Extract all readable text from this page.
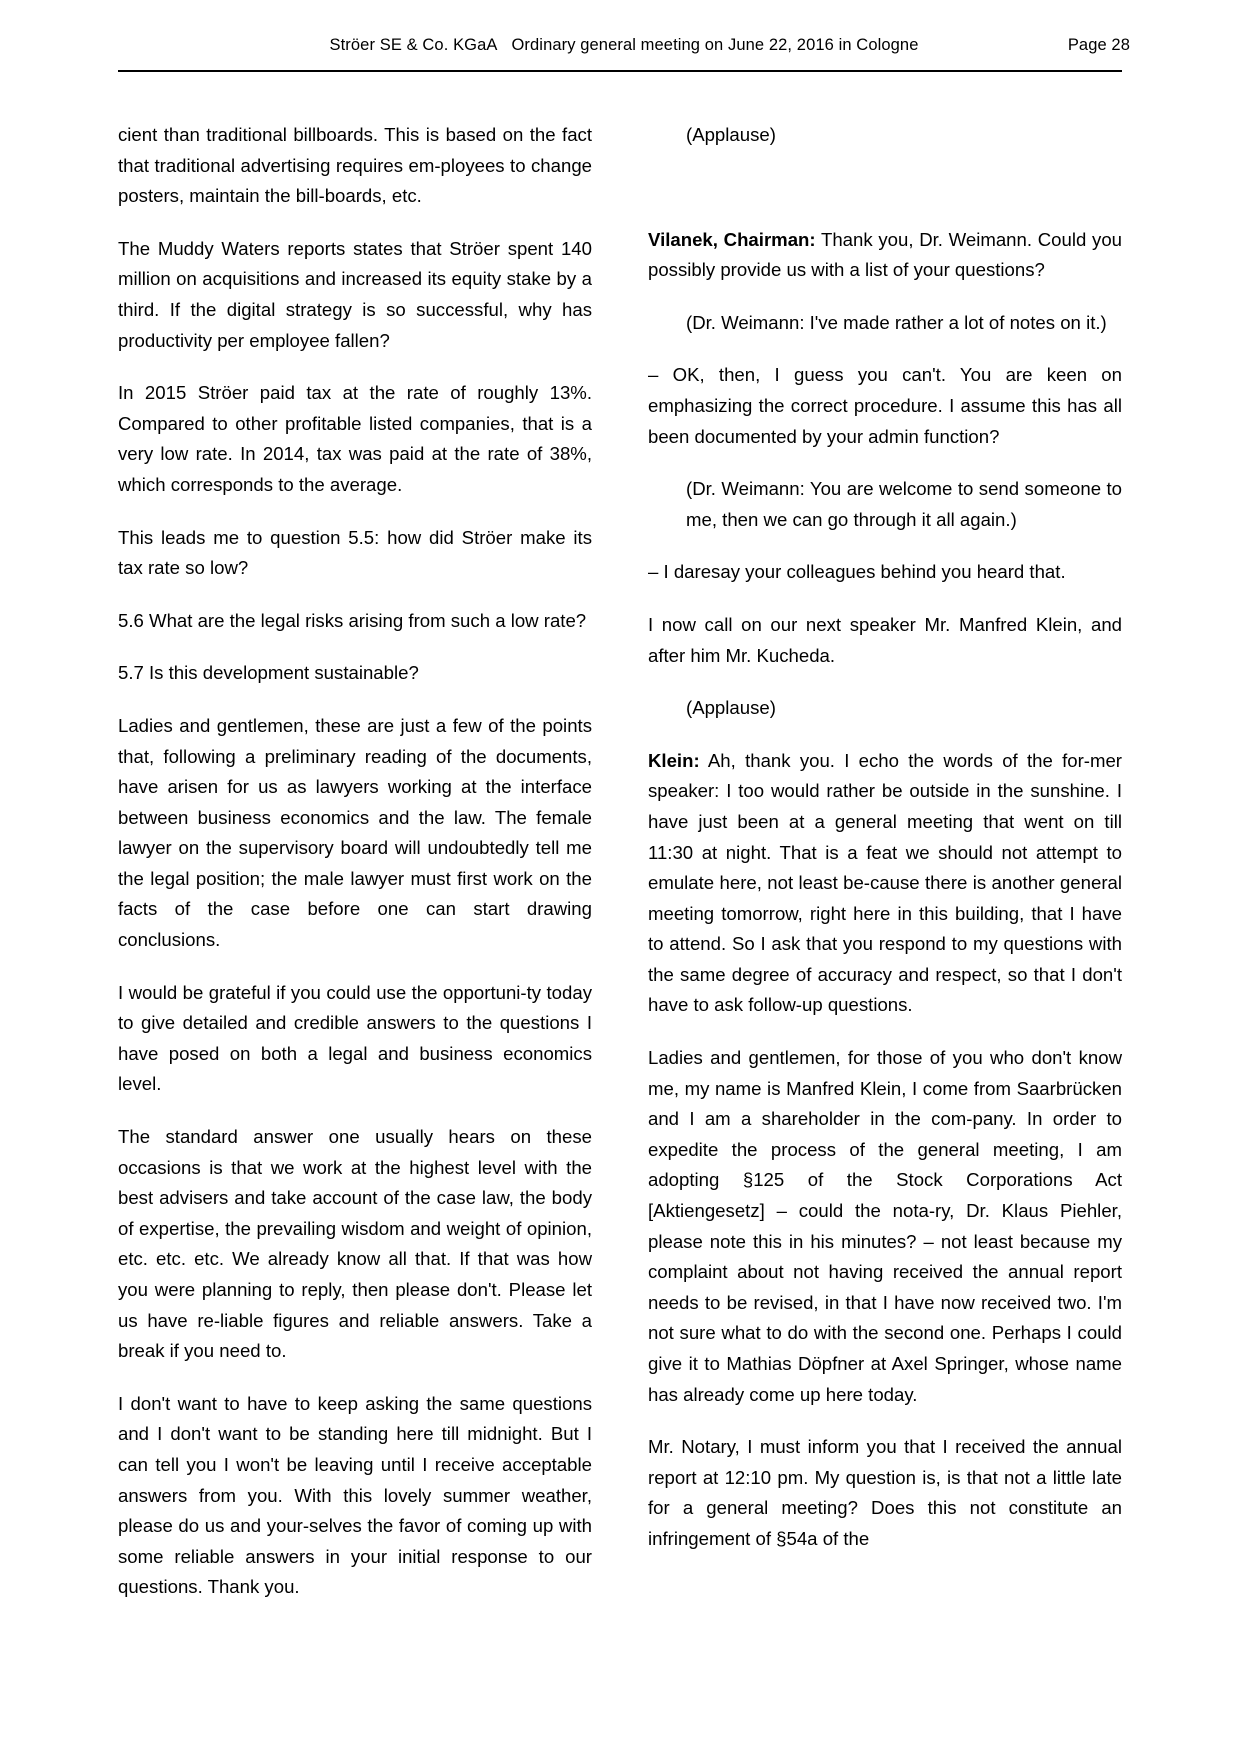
Ströer SE & Co. KGaA Ordinary general meeting on June 22, 2016 in Cologne	Page 28

cient than traditional billboards. This is based on the fact that traditional advertising requires em-ployees to change posters, maintain the bill-boards, etc.

The Muddy Waters reports states that Ströer spent 140 million on acquisitions and increased its equity stake by a third. If the digital strategy is so successful, why has productivity per employee fallen?

In 2015 Ströer paid tax at the rate of roughly 13%. Compared to other profitable listed companies, that is a very low rate. In 2014, tax was paid at the rate of 38%, which corresponds to the average.

This leads me to question 5.5: how did Ströer make its tax rate so low?

5.6 What are the legal risks arising from such a low rate?

5.7 Is this development sustainable?

Ladies and gentlemen, these are just a few of the points that, following a preliminary reading of the documents, have arisen for us as lawyers working at the interface between business economics and the law. The female lawyer on the supervisory board will undoubtedly tell me the legal position; the male lawyer must first work on the facts of the case before one can start drawing conclusions.

I would be grateful if you could use the opportuni-ty today to give detailed and credible answers to the questions I have posed on both a legal and business economics level.

The standard answer one usually hears on these occasions is that we work at the highest level with the best advisers and take account of the case law, the body of expertise, the prevailing wisdom and weight of opinion, etc. etc. etc. We already know all that. If that was how you were planning to reply, then please don't. Please let us have re-liable figures and reliable answers. Take a break if you need to.

I don't want to have to keep asking the same questions and I don't want to be standing here till midnight. But I can tell you I won't be leaving until I receive acceptable answers from you. With this lovely summer weather, please do us and your-selves the favor of coming up with some reliable answers in your initial response to our questions. Thank you.

(Applause)

Vilanek, Chairman: Thank you, Dr. Weimann. Could you possibly provide us with a list of your questions?

(Dr. Weimann: I've made rather a lot of notes on it.)

– OK, then, I guess you can't. You are keen on emphasizing the correct procedure. I assume this has all been documented by your admin function?

(Dr. Weimann: You are welcome to send someone to me, then we can go through it all again.)

– I daresay your colleagues behind you heard that.

I now call on our next speaker Mr. Manfred Klein, and after him Mr. Kucheda.

(Applause)

Klein: Ah, thank you. I echo the words of the for-mer speaker: I too would rather be outside in the sunshine. I have just been at a general meeting that went on till 11:30 at night. That is a feat we should not attempt to emulate here, not least be-cause there is another general meeting tomorrow, right here in this building, that I have to attend. So I ask that you respond to my questions with the same degree of accuracy and respect, so that I don't have to ask follow-up questions.

Ladies and gentlemen, for those of you who don't know me, my name is Manfred Klein, I come from Saarbrücken and I am a shareholder in the com-pany. In order to expedite the process of the general meeting, I am adopting §125 of the Stock Corporations Act [Aktiengesetz] – could the nota-ry, Dr. Klaus Piehler, please note this in his minutes? – not least because my complaint about not having received the annual report needs to be revised, in that I have now received two. I'm not sure what to do with the second one. Perhaps I could give it to Mathias Döpfner at Axel Springer, whose name has already come up here today.

Mr. Notary, I must inform you that I received the annual report at 12:10 pm. My question is, is that not a little late for a general meeting? Does this not constitute an infringement of §54a of the
